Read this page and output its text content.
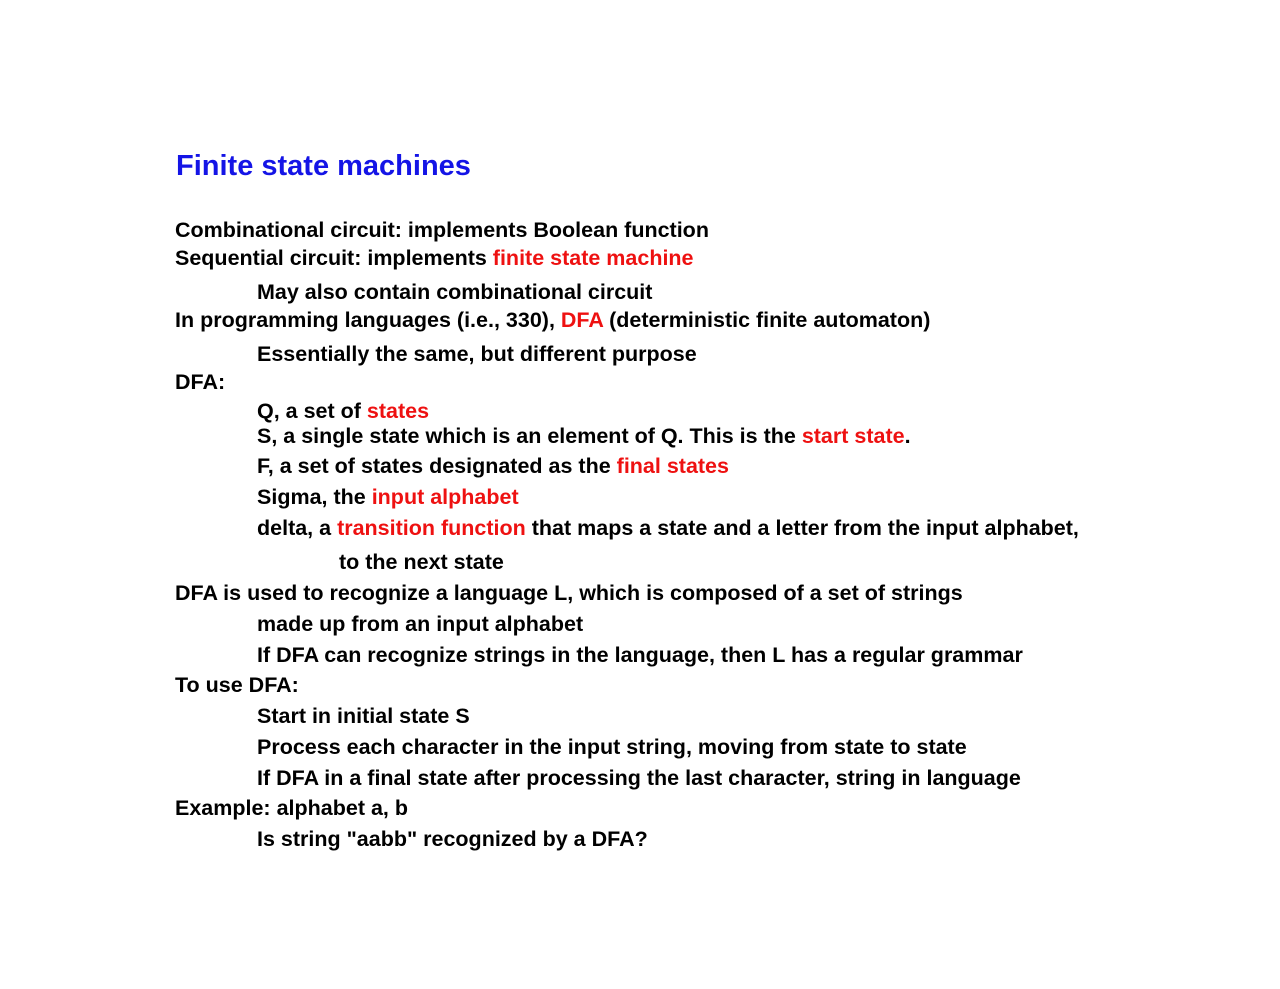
Finite state machines

Combinational circuit: implements Boolean function

Sequential circuit: implements finite state machine

May also contain combinational circuit

In programming languages (i.e., 330), DFA (deterministic finite automaton)

Essentially the same, but different purpose

DFA:

Q, a set of states

S, a single state which is an element of Q. This is the start state.

F, a set of states designated as the final states

Sigma, the input alphabet

delta, a transition function that maps a state and a letter from the input alphabet,

to the next state

DFA is used to recognize a language L, which is composed of a set of strings

made up from an input alphabet

If DFA can recognize strings in the language, then L has a regular grammar

To use DFA:

Start in initial state S

Process each character in the input string, moving from state to state

If DFA in a final state after processing the last character, string in language

Example: alphabet a, b

Is string "aabb" recognized by a DFA?
